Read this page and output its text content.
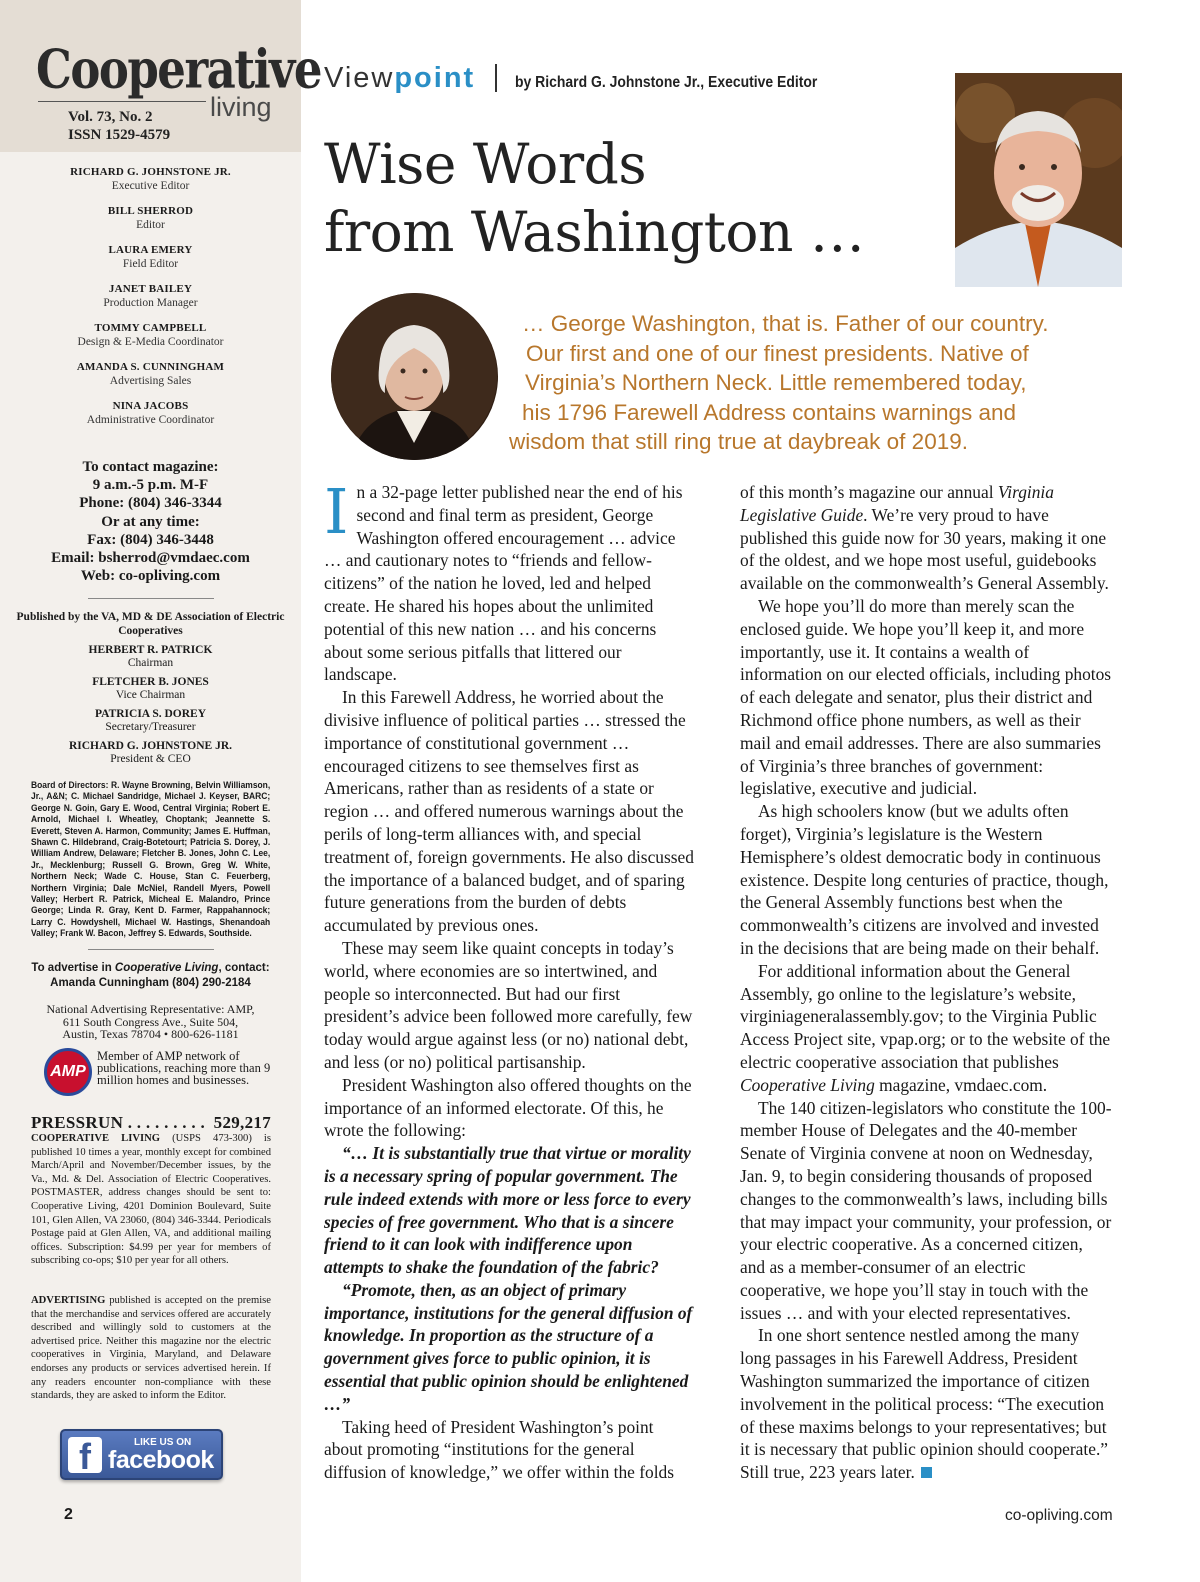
Cooperative
living
Vol. 73, No. 2
ISSN 1529-4579
RICHARD G. JOHNSTONE JR.
Executive Editor
BILL SHERROD
Editor
LAURA EMERY
Field Editor
JANET BAILEY
Production Manager
TOMMY CAMPBELL
Design & E-Media Coordinator
AMANDA S. CUNNINGHAM
Advertising Sales
NINA JACOBS
Administrative Coordinator
To contact magazine:
9 a.m.-5 p.m. M-F
Phone: (804) 346-3344
Or at any time:
Fax: (804) 346-3448
Email: bsherrod@vmdaec.com
Web: co-opliving.com
Published by the VA, MD & DE Association of Electric Cooperatives
HERBERT R. PATRICK
Chairman
FLETCHER B. JONES
Vice Chairman
PATRICIA S. DOREY
Secretary/Treasurer
RICHARD G. JOHNSTONE JR.
President & CEO
Board of Directors: R. Wayne Browning, Belvin Williamson, Jr., A&N; C. Michael Sandridge, Michael J. Keyser, BARC; George N. Goin, Gary E. Wood, Central Virginia; Robert E. Arnold, Michael I. Wheatley, Choptank; Jeannette S. Everett, Steven A. Harmon, Community; James E. Huffman, Shawn C. Hildebrand, Craig-Botetourt; Patricia S. Dorey, J. William Andrew, Delaware; Fletcher B. Jones, John C. Lee, Jr., Mecklenburg; Russell G. Brown, Greg W. White, Northern Neck; Wade C. House, Stan C. Feuerberg, Northern Virginia; Dale McNiel, Randell Myers, Powell Valley; Herbert R. Patrick, Micheal E. Malandro, Prince George; Linda R. Gray, Kent D. Farmer, Rappahannock; Larry C. Howdyshell, Michael W. Hastings, Shenandoah Valley; Frank W. Bacon, Jeffrey S. Edwards, Southside.
To advertise in Cooperative Living, contact:
Amanda Cunningham (804) 290-2184
National Advertising Representative: AMP,
611 South Congress Ave., Suite 504,
Austin, Texas 78704 • 800-626-1181
AMP
Member of AMP network of publications, reaching more than 9 million homes and businesses.
PRESSRUN . . . . . . . . . 529,217
COOPERATIVE LIVING (USPS 473-300) is published 10 times a year, monthly except for combined March/April and November/December issues, by the Va., Md. & Del. Association of Electric Cooperatives. POSTMASTER, address changes should be sent to: Cooperative Living, 4201 Dominion Boulevard, Suite 101, Glen Allen, VA 23060, (804) 346-3344. Periodicals Postage paid at Glen Allen, VA, and additional mailing offices. Subscription: $4.99 per year for members of subscribing co-ops; $10 per year for all others.
ADVERTISING published is accepted on the premise that the merchandise and services offered are accurately described and willingly sold to customers at the advertised price. Neither this magazine nor the electric cooperatives in Virginia, Maryland, and Delaware endorses any products or services advertised herein. If any readers encounter non-compliance with these standards, they are asked to inform the Editor.
f	LIKE US ON
facebook
2
Viewpoint	by Richard G. Johnstone Jr., Executive Editor
Wise Words
from Washington …
… George Washington, that is. Father of our country.
Our first and one of our finest presidents. Native of
Virginia’s Northern Neck. Little remembered today,
his 1796 Farewell Address contains warnings and
wisdom that still ring true at daybreak of 2019.

In a 32-page letter published near the end of his second and final term as president, George Washington offered encouragement … advice … and cautionary notes to “friends and fellow-citizens” of the nation he loved, led and helped create. He shared his hopes about the unlimited potential of this new nation … and his concerns about some serious pitfalls that littered our landscape.

In this Farewell Address, he worried about the divisive influence of political parties … stressed the importance of constitutional government … encouraged citizens to see themselves first as Americans, rather than as residents of a state or region … and offered numerous warnings about the perils of long-term alliances with, and special treatment of, foreign governments. He also discussed the importance of a balanced budget, and of sparing future generations from the burden of debts accumulated by previous ones.

These may seem like quaint concepts in today’s world, where economies are so intertwined, and people so interconnected. But had our first president’s advice been followed more carefully, few today would argue against less (or no) national debt, and less (or no) political partisanship.

President Washington also offered thoughts on the importance of an informed electorate. Of this, he wrote the following:

“… It is substantially true that virtue or morality is a necessary spring of popular government. The rule indeed extends with more or less force to every species of free government. Who that is a sincere friend to it can look with indifference upon attempts to shake the foundation of the fabric?

“Promote, then, as an object of primary importance, institutions for the general diffusion of knowledge. In proportion as the structure of a government gives force to public opinion, it is essential that public opinion should be enlightened …”

Taking heed of President Washington’s point about promoting “institutions for the general diffusion of knowledge,” we offer within the folds

of this month’s magazine our annual Virginia Legislative Guide. We’re very proud to have published this guide now for 30 years, making it one of the oldest, and we hope most useful, guidebooks available on the commonwealth’s General Assembly.

We hope you’ll do more than merely scan the enclosed guide. We hope you’ll keep it, and more importantly, use it. It contains a wealth of information on our elected officials, including photos of each delegate and senator, plus their district and Richmond office phone numbers, as well as their mail and email addresses. There are also summaries of Virginia’s three branches of government: legislative, executive and judicial.

As high schoolers know (but we adults often forget), Virginia’s legislature is the Western Hemisphere’s oldest democratic body in continuous existence. Despite long centuries of practice, though, the General Assembly functions best when the commonwealth’s citizens are involved and invested in the decisions that are being made on their behalf.

For additional information about the General Assembly, go online to the legislature’s website, virginiageneralassembly.gov; to the Virginia Public Access Project site, vpap.org; or to the website of the electric cooperative association that publishes Cooperative Living magazine, vmdaec.com.

The 140 citizen-legislators who constitute the 100-member House of Delegates and the 40-member Senate of Virginia convene at noon on Wednesday, Jan. 9, to begin considering thousands of proposed changes to the commonwealth’s laws, including bills that may impact your community, your profession, or your electric cooperative. As a concerned citizen, and as a member-consumer of an electric cooperative, we hope you’ll stay in touch with the issues … and with your elected representatives.

In one short sentence nestled among the many long passages in his Farewell Address, President Washington summarized the importance of citizen involvement in the political process: “The execution of these maxims belongs to your representatives; but it is necessary that public opinion should cooperate.” Still true, 223 years later.

co-opliving.com
